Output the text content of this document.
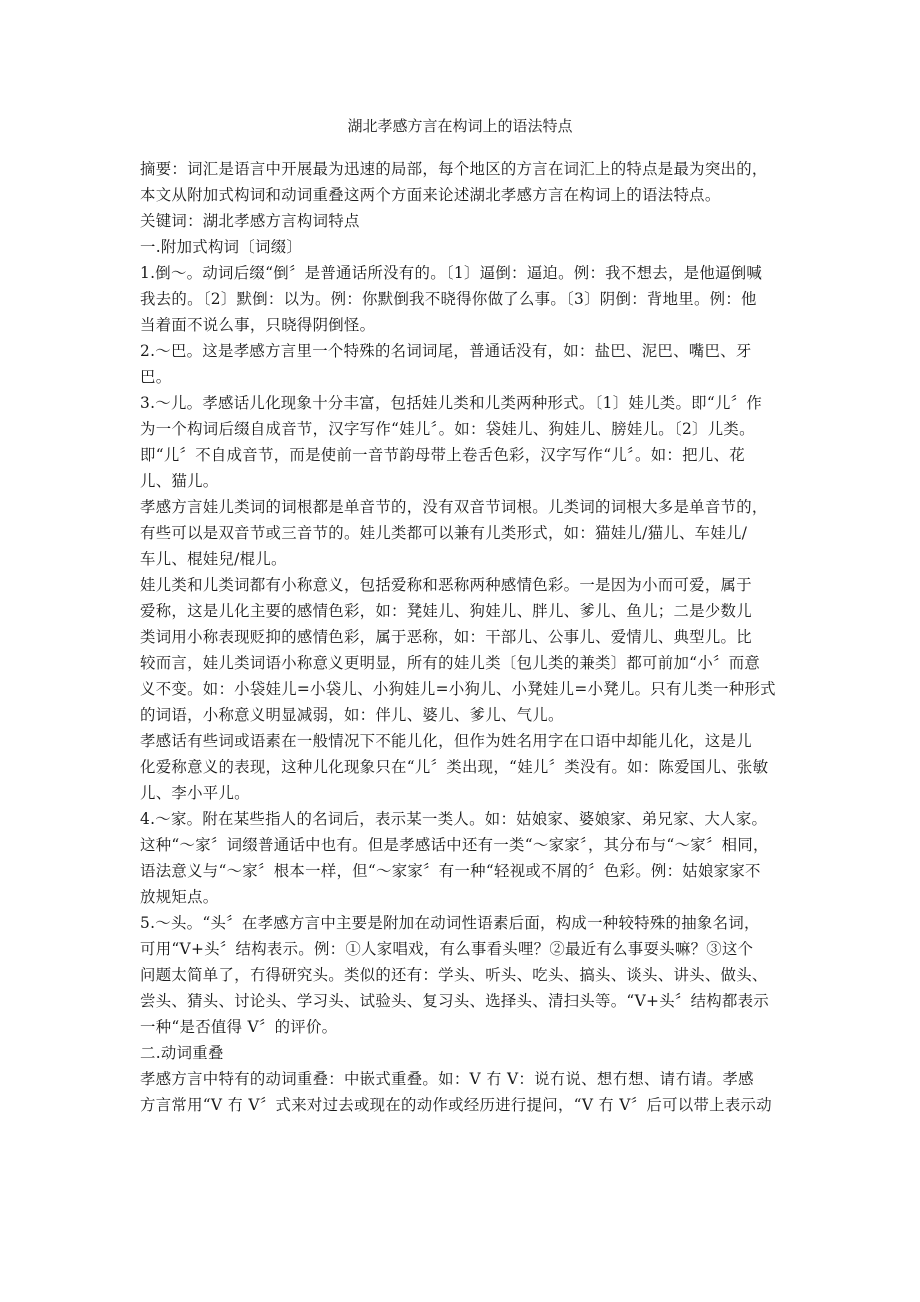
湖北孝感方言在构词上的语法特点
摘要：词汇是语言中开展最为迅速的局部，每个地区的方言在词汇上的特点是最为突出的，
本文从附加式构词和动词重叠这两个方面来论述湖北孝感方言在构词上的语法特点。
关键词：湖北孝感方言构词特点
一.附加式构词〔词缀〕
1.倒～。动词后缀“倒〞是普通话所没有的。〔1〕逼倒：逼迫。例：我不想去，是他逼倒喊
我去的。〔2〕默倒：以为。例：你默倒我不晓得你做了么事。〔3〕阴倒：背地里。例：他
当着面不说么事，只晓得阴倒怪。
2.～巴。这是孝感方言里一个特殊的名词词尾，普通话没有，如：盐巴、泥巴、嘴巴、牙
巴。
3.～儿。孝感话儿化现象十分丰富，包括娃儿类和儿类两种形式。〔1〕娃儿类。即“儿〞作
为一个构词后缀自成音节，汉字写作“娃儿〞。如：袋娃儿、狗娃儿、膀娃儿。〔2〕儿类。
即“儿〞不自成音节，而是使前一音节韵母带上卷舌色彩，汉字写作“儿〞。如：把儿、花
儿、猫儿。
孝感方言娃儿类词的词根都是单音节的，没有双音节词根。儿类词的词根大多是单音节的，
有些可以是双音节或三音节的。娃儿类都可以兼有儿类形式，如：猫娃儿/猫儿、车娃儿/
车儿、棍娃兒/棍儿。
娃儿类和儿类词都有小称意义，包括爱称和恶称两种感情色彩。一是因为小而可爱，属于
爱称，这是儿化主要的感情色彩，如：凳娃儿、狗娃儿、胖儿、爹儿、鱼儿；二是少数儿
类词用小称表现贬抑的感情色彩，属于恶称，如：干部儿、公事儿、爱情儿、典型儿。比
较而言，娃儿类词语小称意义更明显，所有的娃儿类〔包儿类的兼类〕都可前加“小〞而意
义不变。如：小袋娃儿=小袋儿、小狗娃儿=小狗儿、小凳娃儿=小凳儿。只有儿类一种形式
的词语，小称意义明显减弱，如：伴儿、婆儿、爹儿、气儿。
孝感话有些词或语素在一般情况下不能儿化，但作为姓名用字在口语中却能儿化，这是儿
化爱称意义的表现，这种儿化现象只在“儿〞类出现，“娃儿〞类没有。如：陈爱国儿、张敏
儿、李小平儿。
4.～家。附在某些指人的名词后，表示某一类人。如：姑娘家、婆娘家、弟兄家、大人家。
这种“～家〞词缀普通话中也有。但是孝感话中还有一类“～家家〞，其分布与“～家〞相同，
语法意义与“～家〞根本一样，但“～家家〞有一种“轻视或不屑的〞色彩。例：姑娘家家不
放规矩点。
5.～头。“头〞在孝感方言中主要是附加在动词性语素后面，构成一种较特殊的抽象名词，
可用“V+头〞结构表示。例：①人家唱戏，有么事看头哩？②最近有么事耍头嘛？③这个
问题太简单了，冇得研究头。类似的还有：学头、听头、吃头、搞头、谈头、讲头、做头、
尝头、猜头、讨论头、学习头、试验头、复习头、选择头、清扫头等。“V+头〞结构都表示
一种“是否值得 V〞的评价。
二.动词重叠
孝感方言中特有的动词重叠：中嵌式重叠。如：V 冇 V：说冇说、想冇想、请冇请。孝感
方言常用“V 冇 V〞式来对过去或现在的动作或经历进行提问，“V 冇 V〞后可以带上表示动
